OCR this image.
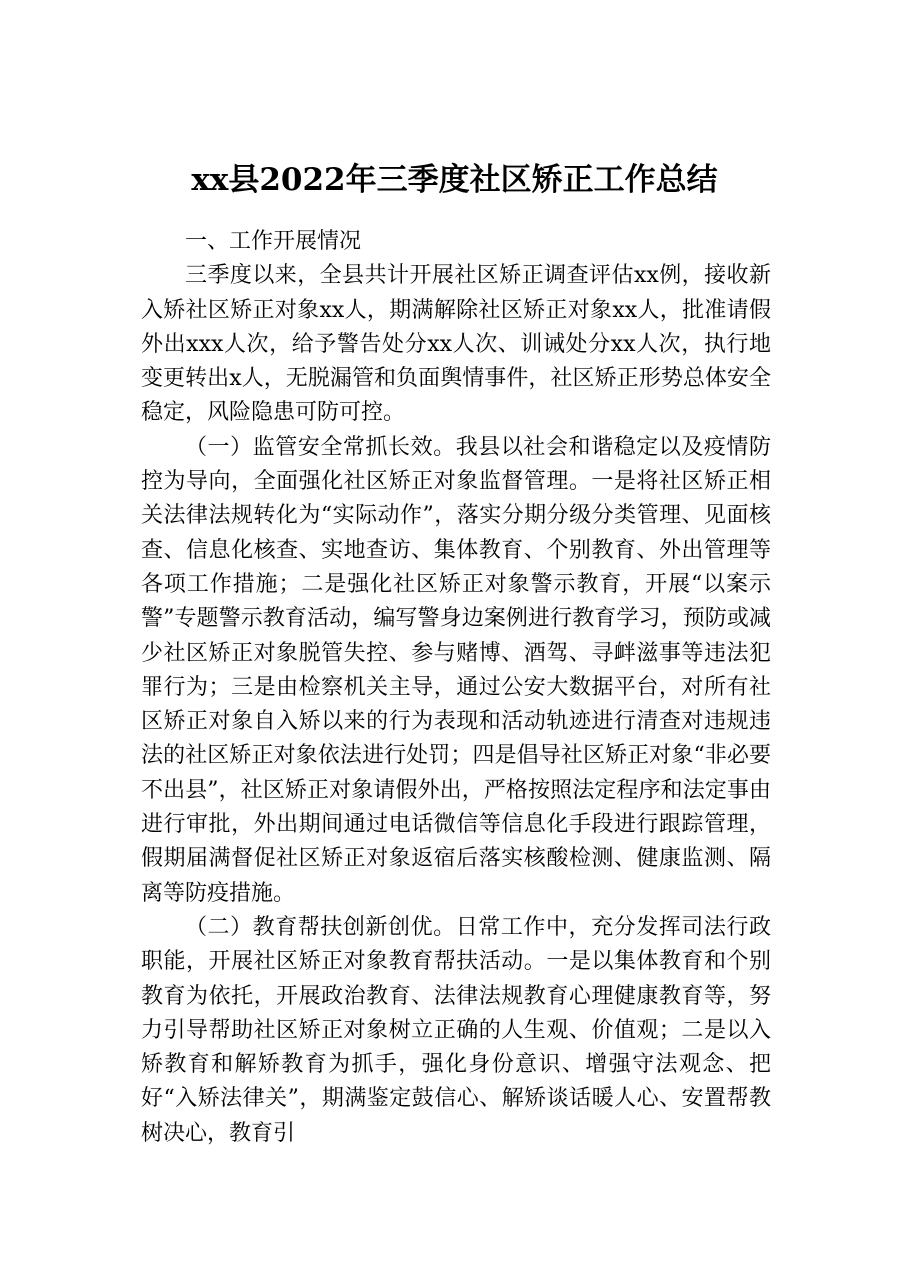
xx县2022年三季度社区矫正工作总结

一、工作开展情况

三季度以来，全县共计开展社区矫正调查评估xx例，接收新入矫社区矫正对象xx人，期满解除社区矫正对象xx人，批准请假外出xxx人次，给予警告处分xx人次、训诫处分xx人次，执行地变更转出x人，无脱漏管和负面舆情事件，社区矫正形势总体安全稳定，风险隐患可防可控。

（一）监管安全常抓长效。我县以社会和谐稳定以及疫情防控为导向，全面强化社区矫正对象监督管理。一是将社区矫正相关法律法规转化为“实际动作”，落实分期分级分类管理、见面核查、信息化核查、实地查访、集体教育、个别教育、外出管理等各项工作措施；二是强化社区矫正对象警示教育，开展“以案示警”专题警示教育活动，编写警身边案例进行教育学习，预防或减少社区矫正对象脱管失控、参与赌博、酒驾、寻衅滋事等违法犯罪行为；三是由检察机关主导，通过公安大数据平台，对所有社区矫正对象自入矫以来的行为表现和活动轨迹进行清查对违规违法的社区矫正对象依法进行处罚；四是倡导社区矫正对象“非必要不出县”，社区矫正对象请假外出，严格按照法定程序和法定事由进行审批，外出期间通过电话微信等信息化手段进行跟踪管理，假期届满督促社区矫正对象返宿后落实核酸检测、健康监测、隔离等防疫措施。

（二）教育帮扶创新创优。日常工作中，充分发挥司法行政职能，开展社区矫正对象教育帮扶活动。一是以集体教育和个别教育为依托，开展政治教育、法律法规教育心理健康教育等，努力引导帮助社区矫正对象树立正确的人生观、价值观；二是以入矫教育和解矫教育为抓手，强化身份意识、增强守法观念、把好“入矫法律关”，期满鉴定鼓信心、解矫谈话暖人心、安置帮教树决心，教育引
